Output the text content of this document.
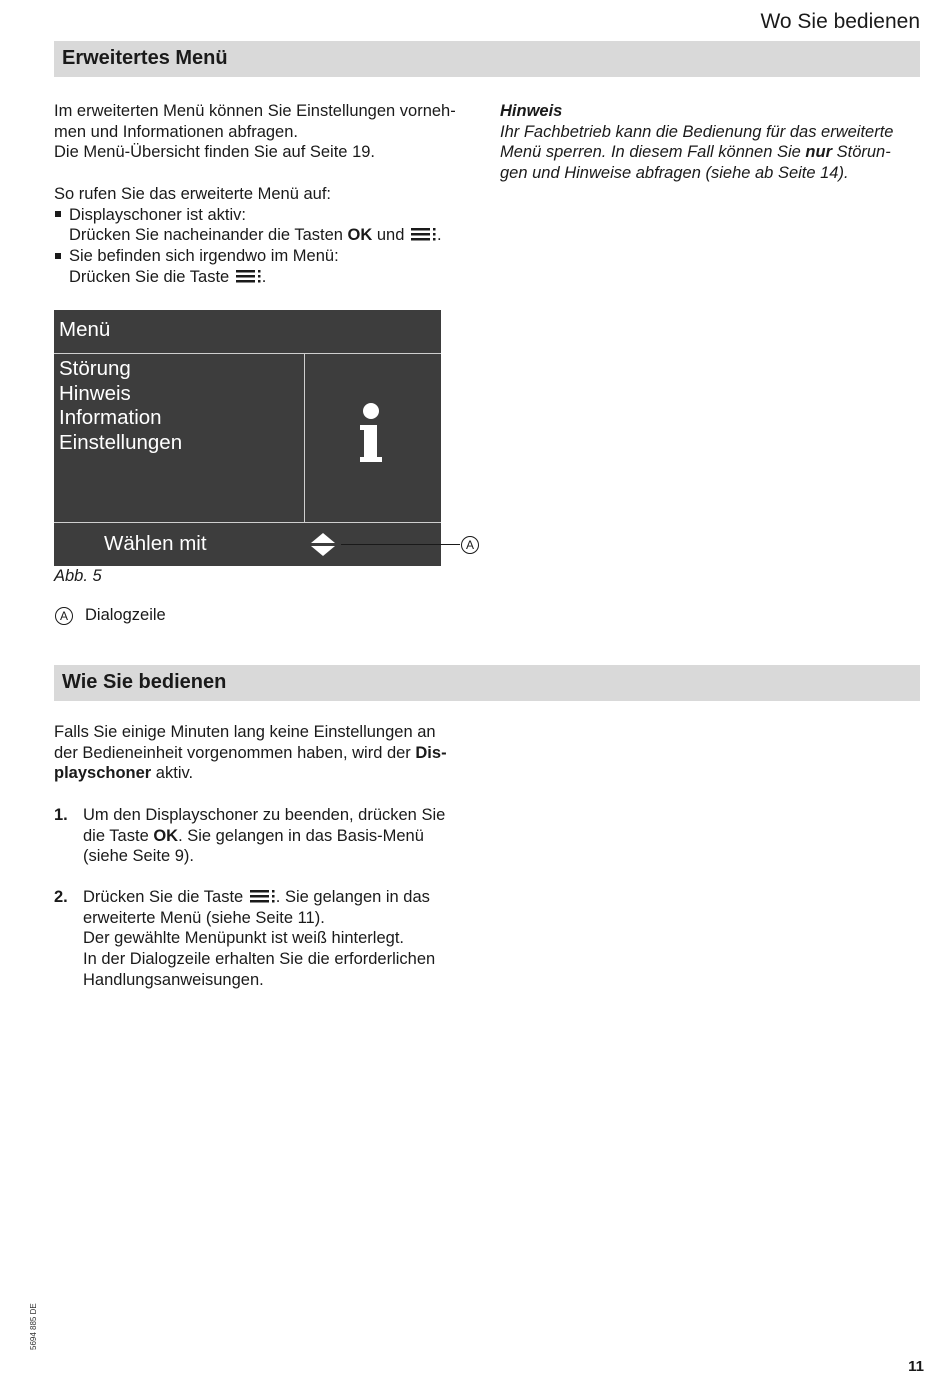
Wo Sie bedienen
Erweitertes Menü
Im erweiterten Menü können Sie Einstellungen vorneh-
men und Informationen abfragen.
Die Menü-Übersicht finden Sie auf Seite 19.
So rufen Sie das erweiterte Menü auf:
Displayschoner ist aktiv:
Drücken Sie nacheinander die Tasten OK und .
Sie befinden sich irgendwo im Menü:
Drücken Sie die Taste .
Hinweis
Ihr Fachbetrieb kann die Bedienung für das erweiterte
Menü sperren. In diesem Fall können Sie nur Störun-
gen und Hinweise abfragen (siehe ab Seite 14).
Menü
Störung
Hinweis
Information
Einstellungen
Wählen mit	A
Abb. 5
A	Dialogzeile
Wie Sie bedienen
Falls Sie einige Minuten lang keine Einstellungen an
der Bedieneinheit vorgenommen haben, wird der Dis-
playschoner aktiv.
1. Um den Displayschoner zu beenden, drücken Sie
die Taste OK. Sie gelangen in das Basis-Menü
(siehe Seite 9).
2. Drücken Sie die Taste . Sie gelangen in das
erweiterte Menü (siehe Seite 11).
Der gewählte Menüpunkt ist weiß hinterlegt.
In der Dialogzeile erhalten Sie die erforderlichen
Handlungsanweisungen.
5694 885 DE
11
